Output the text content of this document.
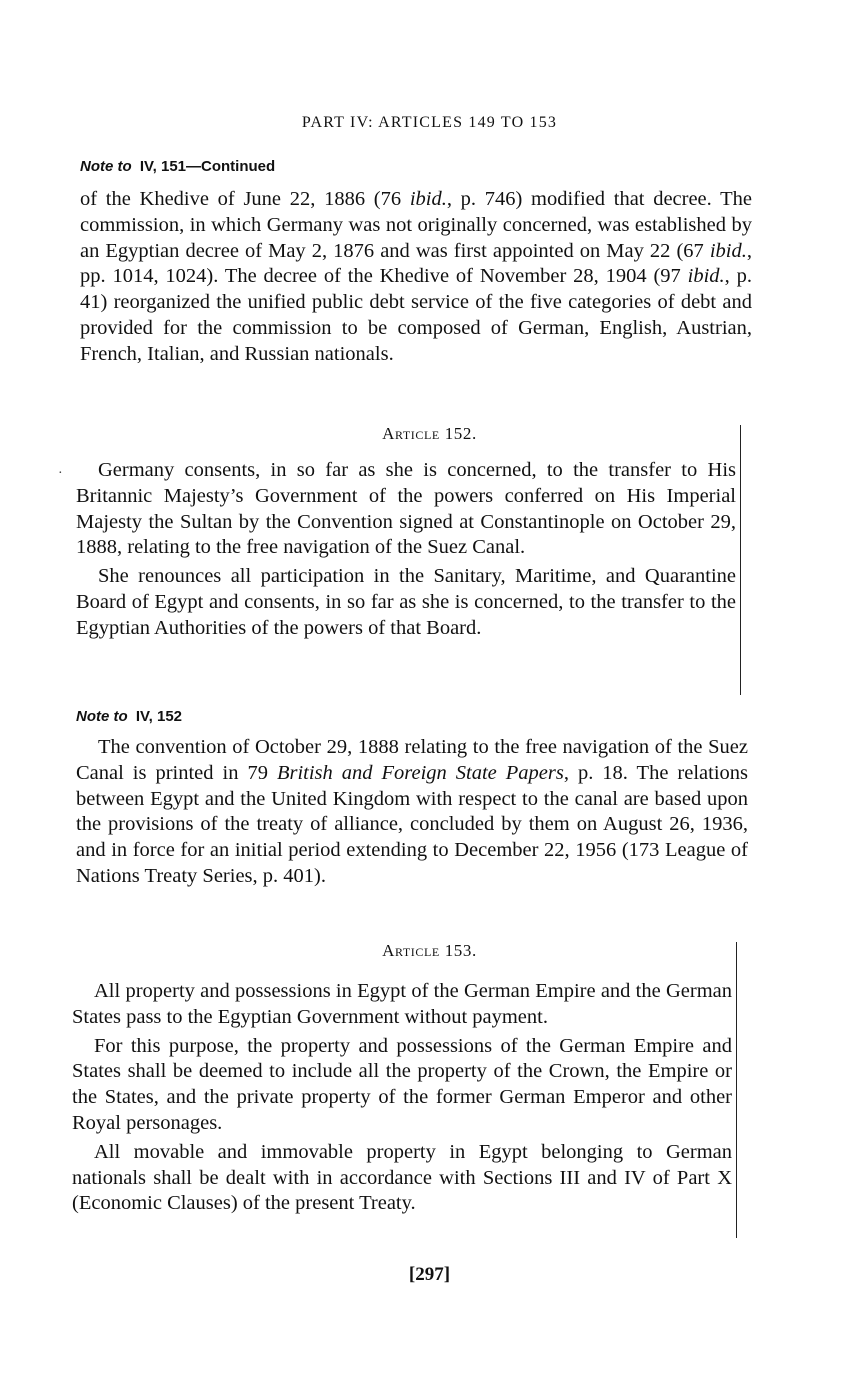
PART IV: ARTICLES 149 TO 153
Note to IV, 151—Continued

of the Khedive of June 22, 1886 (76 ibid., p. 746) modified that decree. The commission, in which Germany was not originally concerned, was established by an Egyptian decree of May 2, 1876 and was first appointed on May 22 (67 ibid., pp. 1014, 1024). The decree of the Khedive of November 28, 1904 (97 ibid., p. 41) reorganized the unified public debt service of the five categories of debt and provided for the commission to be composed of German, English, Austrian, French, Italian, and Russian nationals.

Article 152.
·	Germany consents, in so far as she is concerned, to the transfer to His Britannic Majesty’s Government of the powers conferred on His Imperial Majesty the Sultan by the Convention signed at Constantinople on October 29, 1888, relating to the free navigation of the Suez Canal.

She renounces all participation in the Sanitary, Maritime, and Quarantine Board of Egypt and consents, in so far as she is concerned, to the transfer to the Egyptian Authorities of the powers of that Board.

Note to IV, 152

The convention of October 29, 1888 relating to the free navigation of the Suez Canal is printed in 79 British and Foreign State Papers, p. 18. The relations between Egypt and the United Kingdom with respect to the canal are based upon the provisions of the treaty of alliance, concluded by them on August 26, 1936, and in force for an initial period extending to December 22, 1956 (173 League of Nations Treaty Series, p. 401).

Article 153.

All property and possessions in Egypt of the German Empire and the German States pass to the Egyptian Government without payment.

For this purpose, the property and possessions of the German Empire and States shall be deemed to include all the property of the Crown, the Empire or the States, and the private property of the former German Emperor and other Royal personages.

All movable and immovable property in Egypt belonging to German nationals shall be dealt with in accordance with Sections III and IV of Part X (Economic Clauses) of the present Treaty.

[297]
